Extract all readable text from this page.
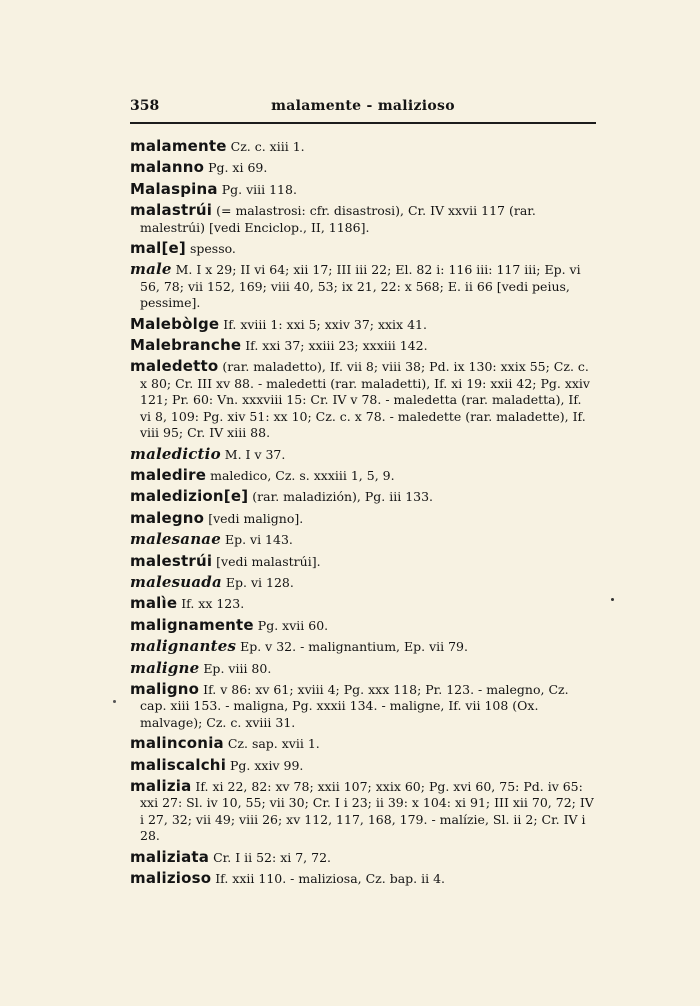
358	malamente - malizioso
malamente Cz. c. xiii 1.
malanno Pg. xi 69.
Malaspina Pg. viii 118.
malastrúi (= malastrosi: cfr. disastrosi), Cr. IV xxvii 117 (rar. malestrúi) [vedi Enciclop., II, 1186].
mal[e] spesso.
male M. I x 29; II vi 64; xii 17; III iii 22; El. 82 i: 116 iii: 117 iii; Ep. vi 56, 78; vii 152, 169; viii 40, 53; ix 21, 22: x 568; E. ii 66 [vedi peius, pessime].
Malebòlge If. xviii 1: xxi 5; xxiv 37; xxix 41.
Malebranche If. xxi 37; xxiii 23; xxxiii 142.
maledetto (rar. maladetto), If. vii 8; viii 38; Pd. ix 130: xxix 55; Cz. c. x 80; Cr. III xv 88. - maledetti (rar. maladetti), If. xi 19: xxii 42; Pg. xxiv 121; Pr. 60: Vn. xxxviii 15: Cr. IV v 78. - maledetta (rar. maladetta), If. vi 8, 109: Pg. xiv 51: xx 10; Cz. c. x 78. - maledette (rar. maladette), If. viii 95; Cr. IV xiii 88.
maledictio M. I v 37.
maledire maledico, Cz. s. xxxiii 1, 5, 9.
maledizion[e] (rar. maladizión), Pg. iii 133.
malegno [vedi maligno].
malesanae Ep. vi 143.
malestrúi [vedi malastrúi].
malesuada Ep. vi 128.
malìe If. xx 123.
malignamente Pg. xvii 60.
malignantes Ep. v 32. - malignantium, Ep. vii 79.
maligne Ep. viii 80.
maligno If. v 86: xv 61; xviii 4; Pg. xxx 118; Pr. 123. - malegno, Cz. cap. xiii 153. - maligna, Pg. xxxii 134. - maligne, If. vii 108 (Ox. malvage); Cz. c. xviii 31.
malinconia Cz. sap. xvii 1.
maliscalchi Pg. xxiv 99.
malizia If. xi 22, 82: xv 78; xxii 107; xxix 60; Pg. xvi 60, 75: Pd. iv 65: xxi 27: Sl. iv 10, 55; vii 30; Cr. I i 23; ii 39: x 104: xi 91; III xii 70, 72; IV i 27, 32; vii 49; viii 26; xv 112, 117, 168, 179. - malízie, Sl. ii 2; Cr. IV i 28.
maliziata Cr. I ii 52: xi 7, 72.
malizioso If. xxii 110. - maliziosa, Cz. bap. ii 4.
